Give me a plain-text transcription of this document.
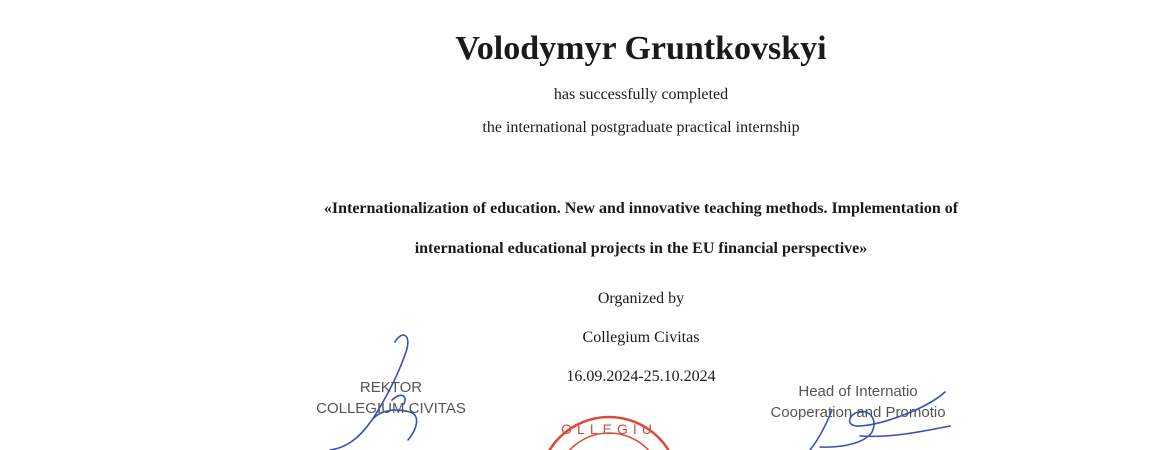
Volodymyr Gruntkovskyi
has successfully completed
the international postgraduate practical internship
«Internationalization of education. New and innovative teaching methods. Implementation of
international educational projects in the EU financial perspective»
Organized by
Collegium Civitas
16.09.2024-25.10.2024
REKTOR
COLLEGIUM CIVITAS
Head of Internatio
Cooperation and Promotio
OLLEGIU
